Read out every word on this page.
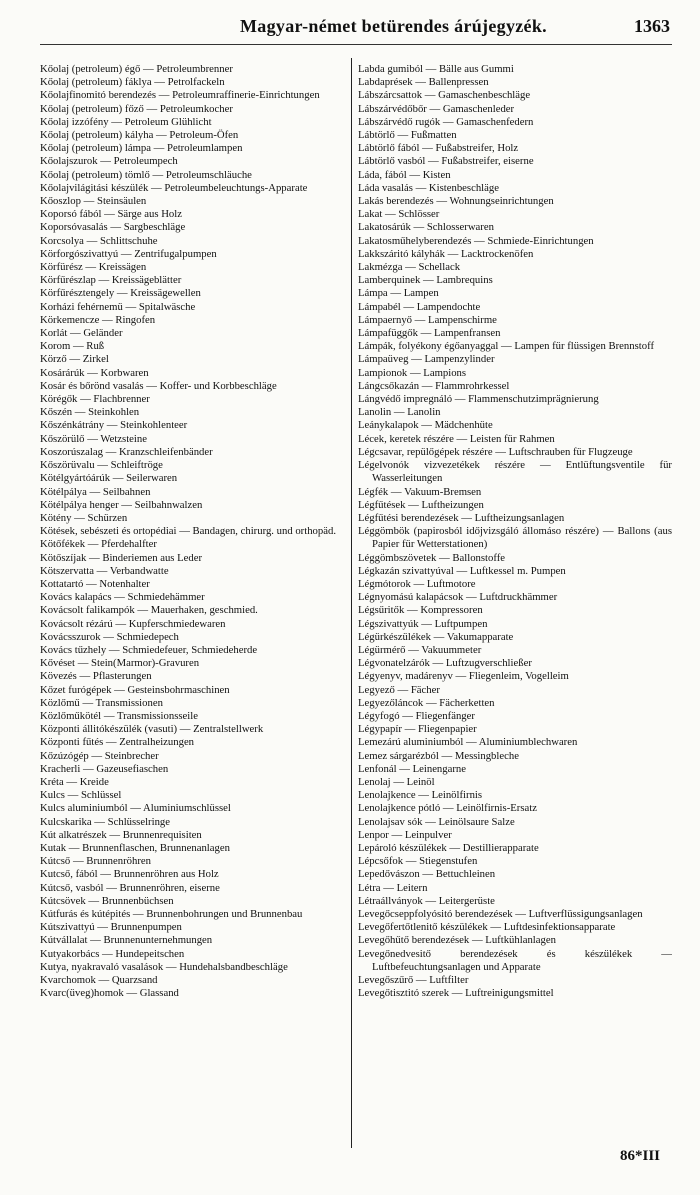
Magyar-német betürendes árújegyzék.	1363
Kőolaj (petroleum) égő — Petroleumbrenner
Kőolaj (petroleum) fáklya — Petrolfackeln
Kőolajfinomitó berendezés — Petroleumraffinerie-Einrichtungen
Kőolaj (petroleum) főző — Petroleumkocher
Kőolaj izzófény — Petroleum Glühlicht
Kőolaj (petroleum) kályha — Petroleum-Öfen
Kőolaj (petroleum) lámpa — Petroleumlampen
Kőolajszurok — Petroleumpech
Kőolaj (petroleum) tömlő — Petroleumschläuche
Kőolajvilágitási készülék — Petroleumbeleuchtungs-Apparate
Kőoszlop — Steinsäulen
Koporsó fából — Särge aus Holz
Koporsóvasalás — Sargbeschläge
Korcsolya — Schlittschuhe
Körforgószivattyú — Zentrifugalpumpen
Körfürész — Kreissägen
Körfűrészlap — Kreissägeblätter
Körfűrésztengely — Kreissägewellen
Korházi fehérnemü — Spitalwäsche
Körkemencze — Ringofen
Korlát — Geländer
Korom — Ruß
Körző — Zirkel
Kosárárúk — Korbwaren
Kosár és bőrönd vasalás — Koffer- und Korbbeschläge
Körégők — Flachbrenner
Kőszén — Steinkohlen
Kőszénkátrány — Steinkohlenteer
Kőszörülő — Wetzsteine
Koszorúszalag — Kranzschleifenbänder
Kőszörüvalu — Schleiftröge
Kötélgyártóárúk — Seilerwaren
Kötélpálya — Seilbahnen
Kötélpálya henger — Seilbahnwalzen
Kötény — Schürzen
Kötések, sebészeti és ortopédiai — Bandagen, chirurg. und orthopäd.
Kötőfékek — Pferdehalfter
Kötőszíjak — Binderiemen aus Leder
Kötszervatta — Verbandwatte
Kottatartó — Notenhalter
Kovács kalapács — Schmiedehämmer
Kovácsolt falikampók — Mauerhaken, geschmied.
Kovácsolt rézárú — Kupferschmiedewaren
Kovácsszurok — Schmiedepech
Kovács tűzhely — Schmiedefeuer, Schmiedeherde
Kővéset — Stein(Marmor)-Gravuren
Kövezés — Pflasterungen
Kőzet furógépek — Gesteinsbohrmaschinen
Közlőmű — Transmissionen
Közlőműkötél — Transmissionsseile
Központi állitókészülék (vasuti) — Zentralstellwerk
Központi fűtés — Zentralheizungen
Kőzúzógép — Steinbrecher
Kracherli — Gazeusefiaschen
Kréta — Kreide
Kulcs — Schlüssel
Kulcs aluminiumból — Aluminiumschlüssel
Kulcskarika — Schlüsselringe
Kút alkatrészek — Brunnenrequisiten
Kutak — Brunnenflaschen, Brunnenanlagen
Kútcső — Brunnenröhren
Kutcső, fából — Brunnenröhren aus Holz
Kútcső, vasból — Brunnenröhren, eiserne
Kútcsövek — Brunnenbüchsen
Kútfurás és kútépités — Brunnenbohrungen und Brunnenbau
Kútszivattyú — Brunnenpumpen
Kútvállalat — Brunnenunternehmungen
Kutyakorbács — Hundepeitschen
Kutya, nyakravaló vasalások — Hundehalsbandbeschläge
Kvarchomok — Quarzsand
Kvarc(üveg)homok — Glassand
Labda gumiból — Bälle aus Gummi
Labdaprések — Ballenpressen
Lábszárcsattok — Gamaschenbeschläge
Lábszárvédőbőr — Gamaschenleder
Lábszárvédő rugók — Gamaschenfedern
Lábtörlő — Fußmatten
Lábtörlő fából — Fußabstreifer, Holz
Lábtörlő vasból — Fußabstreifer, eiserne
Láda, fából — Kisten
Láda vasalás — Kistenbeschläge
Lakás berendezés — Wohnungseinrichtungen
Lakat — Schlösser
Lakatosárúk — Schlosserwaren
Lakatosműhelyberendezés — Schmiede-Einrichtungen
Lakkszáritó kályhák — Lacktrockenöfen
Lakmézga — Schellack
Lamberquinek — Lambrequins
Lámpa — Lampen
Lámpabél — Lampendochte
Lámpaernyő — Lampenschirme
Lámpafüggők — Lampenfransen
Lámpák, folyékony égőanyaggal — Lampen für flüssigen Brennstoff
Lámpaüveg — Lampenzylinder
Lampionok — Lampions
Lángcsőkazán — Flammrohrkessel
Lángvédő impregnáló — Flammenschutzimprägnierung
Lanolin — Lanolin
Leánykalapok — Mädchenhüte
Lécek, keretek részére — Leisten für Rahmen
Légcsavar, repülőgépek részére — Luftschrauben für Flugzeuge
Légelvonók vizvezetékek részére — Entlüftungsventile für Wasserleitungen
Légfék — Vakuum-Bremsen
Légfűtések — Luftheizungen
Légfűtési berendezések — Luftheizungsanlagen
Léggömbök (papirosból időjvizsgáló állomáso részére) — Ballons (aus Papier für Wetterstationen)
Léggömbszövetek — Ballonstoffe
Légkazán szivattyúval — Luftkessel m. Pumpen
Légmótorok — Luftmotore
Légnyomású kalapácsok — Luftdruckhämmer
Légsűritők — Kompressoren
Légszivattyúk — Luftpumpen
Légürkészülékek — Vakumapparate
Légürmérő — Vakuummeter
Légvonatelzárók — Luftzugverschließer
Légyenyv, madárenyv — Fliegenleim, Vogelleim
Legyező — Fächer
Legyezőláncok — Fächerketten
Légyfogó — Fliegenfänger
Légypapír — Fliegenpapier
Lemezárú aluminiumból — Aluminiumblechwaren
Lemez sárgarézból — Messingbleche
Lenfonál — Leinengarne
Lenolaj — Leinöl
Lenolajkence — Leinölfirnis
Lenolajkence pótló — Leinölfirnis-Ersatz
Lenolajsav sók — Leinölsaure Salze
Lenpor — Leinpulver
Lepároló készülékek — Destillierapparate
Lépcsőfok — Stiegenstufen
Lepedővászon — Bettuchleinen
Létra — Leitern
Létraállványok — Leitergerüste
Levegőcseppfolyósitó berendezések — Luftverflüssigungsanlagen
Levegőfertőtlenitő készülékek — Luftdesinfektionsapparate
Levegőhűtő berendezések — Luftkühlanlagen
Levegőnedvesitő berendezések és készülékek — Luftbefeuchtungsanlagen und Apparate
Levegőszűrő — Luftfilter
Levegőtisztitó szerek — Luftreinigungsmittel
86*III
